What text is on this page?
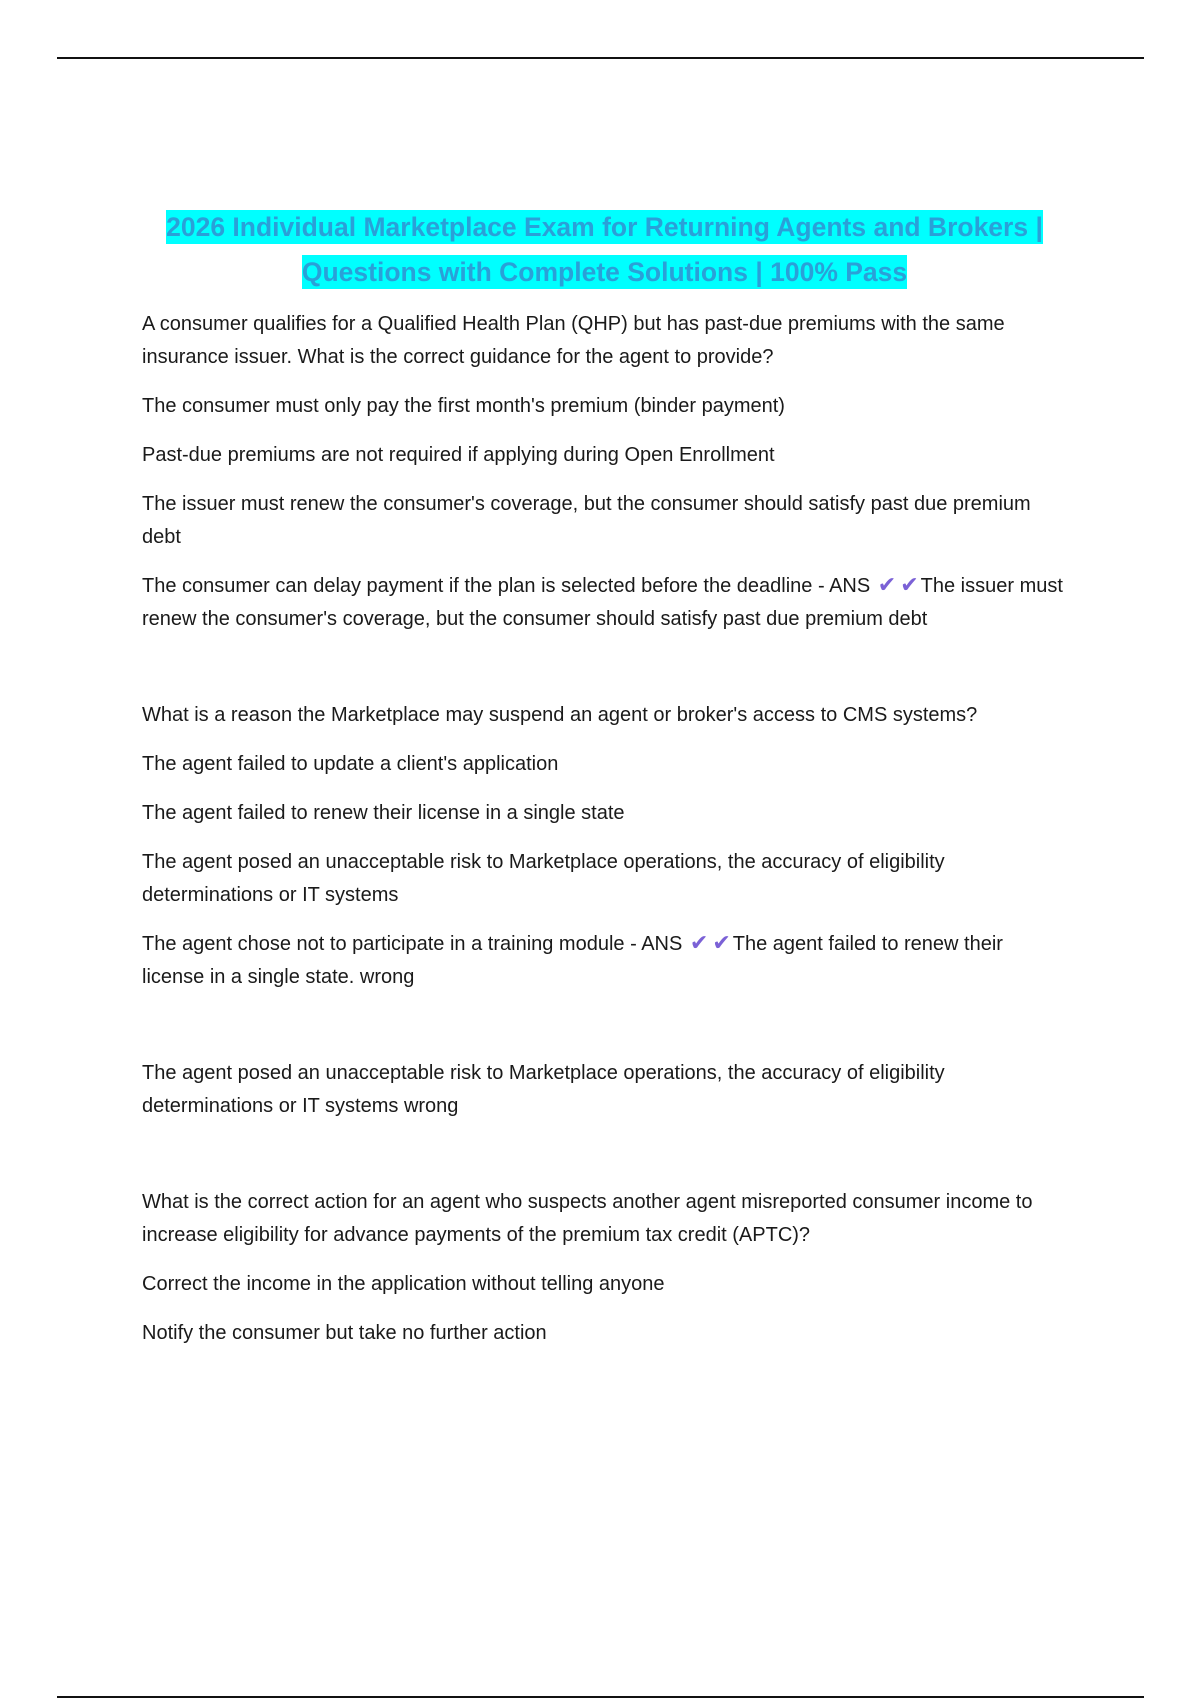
2026 Individual Marketplace Exam for Returning Agents and Brokers |
Questions with Complete Solutions | 100% Pass

A consumer qualifies for a Qualified Health Plan (QHP) but has past-due premiums with the same insurance issuer. What is the correct guidance for the agent to provide?

The consumer must only pay the first month's premium (binder payment)

Past-due premiums are not required if applying during Open Enrollment

The issuer must renew the consumer's coverage, but the consumer should satisfy past due premium debt

The consumer can delay payment if the plan is selected before the deadline - ANS ✔ ✔ The issuer must renew the consumer's coverage, but the consumer should satisfy past due premium debt

What is a reason the Marketplace may suspend an agent or broker's access to CMS systems?

The agent failed to update a client's application

The agent failed to renew their license in a single state

The agent posed an unacceptable risk to Marketplace operations, the accuracy of eligibility determinations or IT systems

The agent chose not to participate in a training module - ANS ✔ ✔ The agent failed to renew their license in a single state. wrong

The agent posed an unacceptable risk to Marketplace operations, the accuracy of eligibility determinations or IT systems wrong

What is the correct action for an agent who suspects another agent misreported consumer income to increase eligibility for advance payments of the premium tax credit (APTC)?

Correct the income in the application without telling anyone

Notify the consumer but take no further action
